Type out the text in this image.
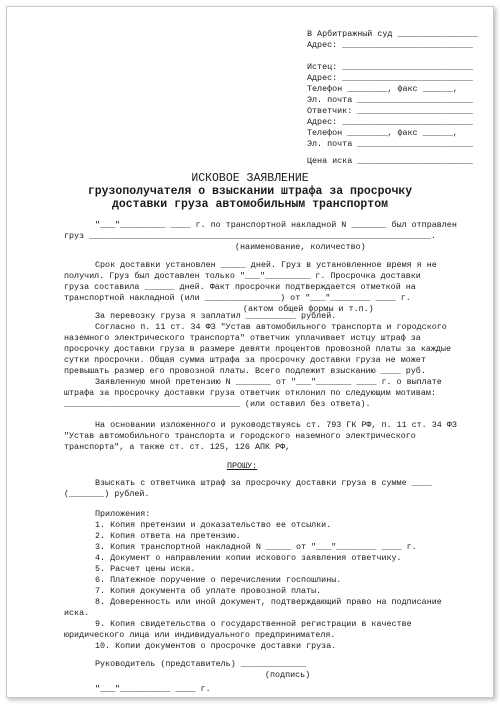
В Арбитражный суд ________________
Адрес: __________________________
Истец: __________________________
Адрес: __________________________
Телефон ________, факс ______,
Эл. почта _______________________
Ответчик: _______________________
Адрес: __________________________
Телефон ________, факс ______,
Эл. почта _______________________
Цена иска _______________________
ИСКОВОЕ ЗАЯВЛЕНИЕ
грузополучателя о взыскании штрафа за просрочку
доставки груза автомобильным транспортом
"___"_________ ____ г. по транспортной накладной N _______ был отправлен
груз ____________________________________________________________________.
(наименование, количество)
Срок доставки установлен _____ дней. Груз в установленное время я не
получил. Груз был доставлен только "___"_________ г. Просрочка доставки
груза составила ______ дней. Факт просрочки подтверждается отметкой на
транспортной накладной (или _______________) от "___"________ ____ г.
(актом общей формы и т.п.)
За перевозку груза я заплатил __________ рублей.
Согласно п. 11 ст. 34 ФЗ "Устав автомобильного транспорта и городского
наземного электрического транспорта" ответчик уплачивает истцу штраф за
просрочку доставки груза в размере девяти процентов провозной платы за каждые
сутки просрочки. Общая сумма штрафа за просрочку доставки груза не может
превышать размер его провозной платы. Всего подлежит взысканию ____ руб.
Заявленную мной претензию N _______ от "___"_______ ____ г. о выплате
штрафа за просрочку доставки груза ответчик отклонил по следующим мотивам:
___________________________________ (или оставил без ответа).
На основании изложенного и руководствуясь ст. 793 ГК РФ, п. 11 ст. 34 ФЗ
"Устав автомобильного транспорта и городского наземного электрического
транспорта", а также ст. ст. 125, 126 АПК РФ,
ПРОШУ:
Взыскать с ответчика штраф за просрочку доставки груза в сумме ____
(_______) рублей.
Приложения:
1. Копия претензии и доказательство ее отсылки.
2. Копия ответа на претензию.
3. Копия транспортной накладной N _____ от "___"________ ____ г.
4. Документ о направлении копии искового заявления ответчику.
5. Расчет цены иска.
6. Платежное поручение о перечислении госпошлины.
7. Копия документа об уплате провозной платы.
8. Доверенность или иной документ, подтверждающий право на подписание
иска.
9. Копия свидетельства о государственной регистрации в качестве
юридического лица или индивидуального предпринимателя.
10. Копии документов о просрочке доставки груза.
Руководитель (представитель) _____________
(подпись)
"___"__________ ____ г.
